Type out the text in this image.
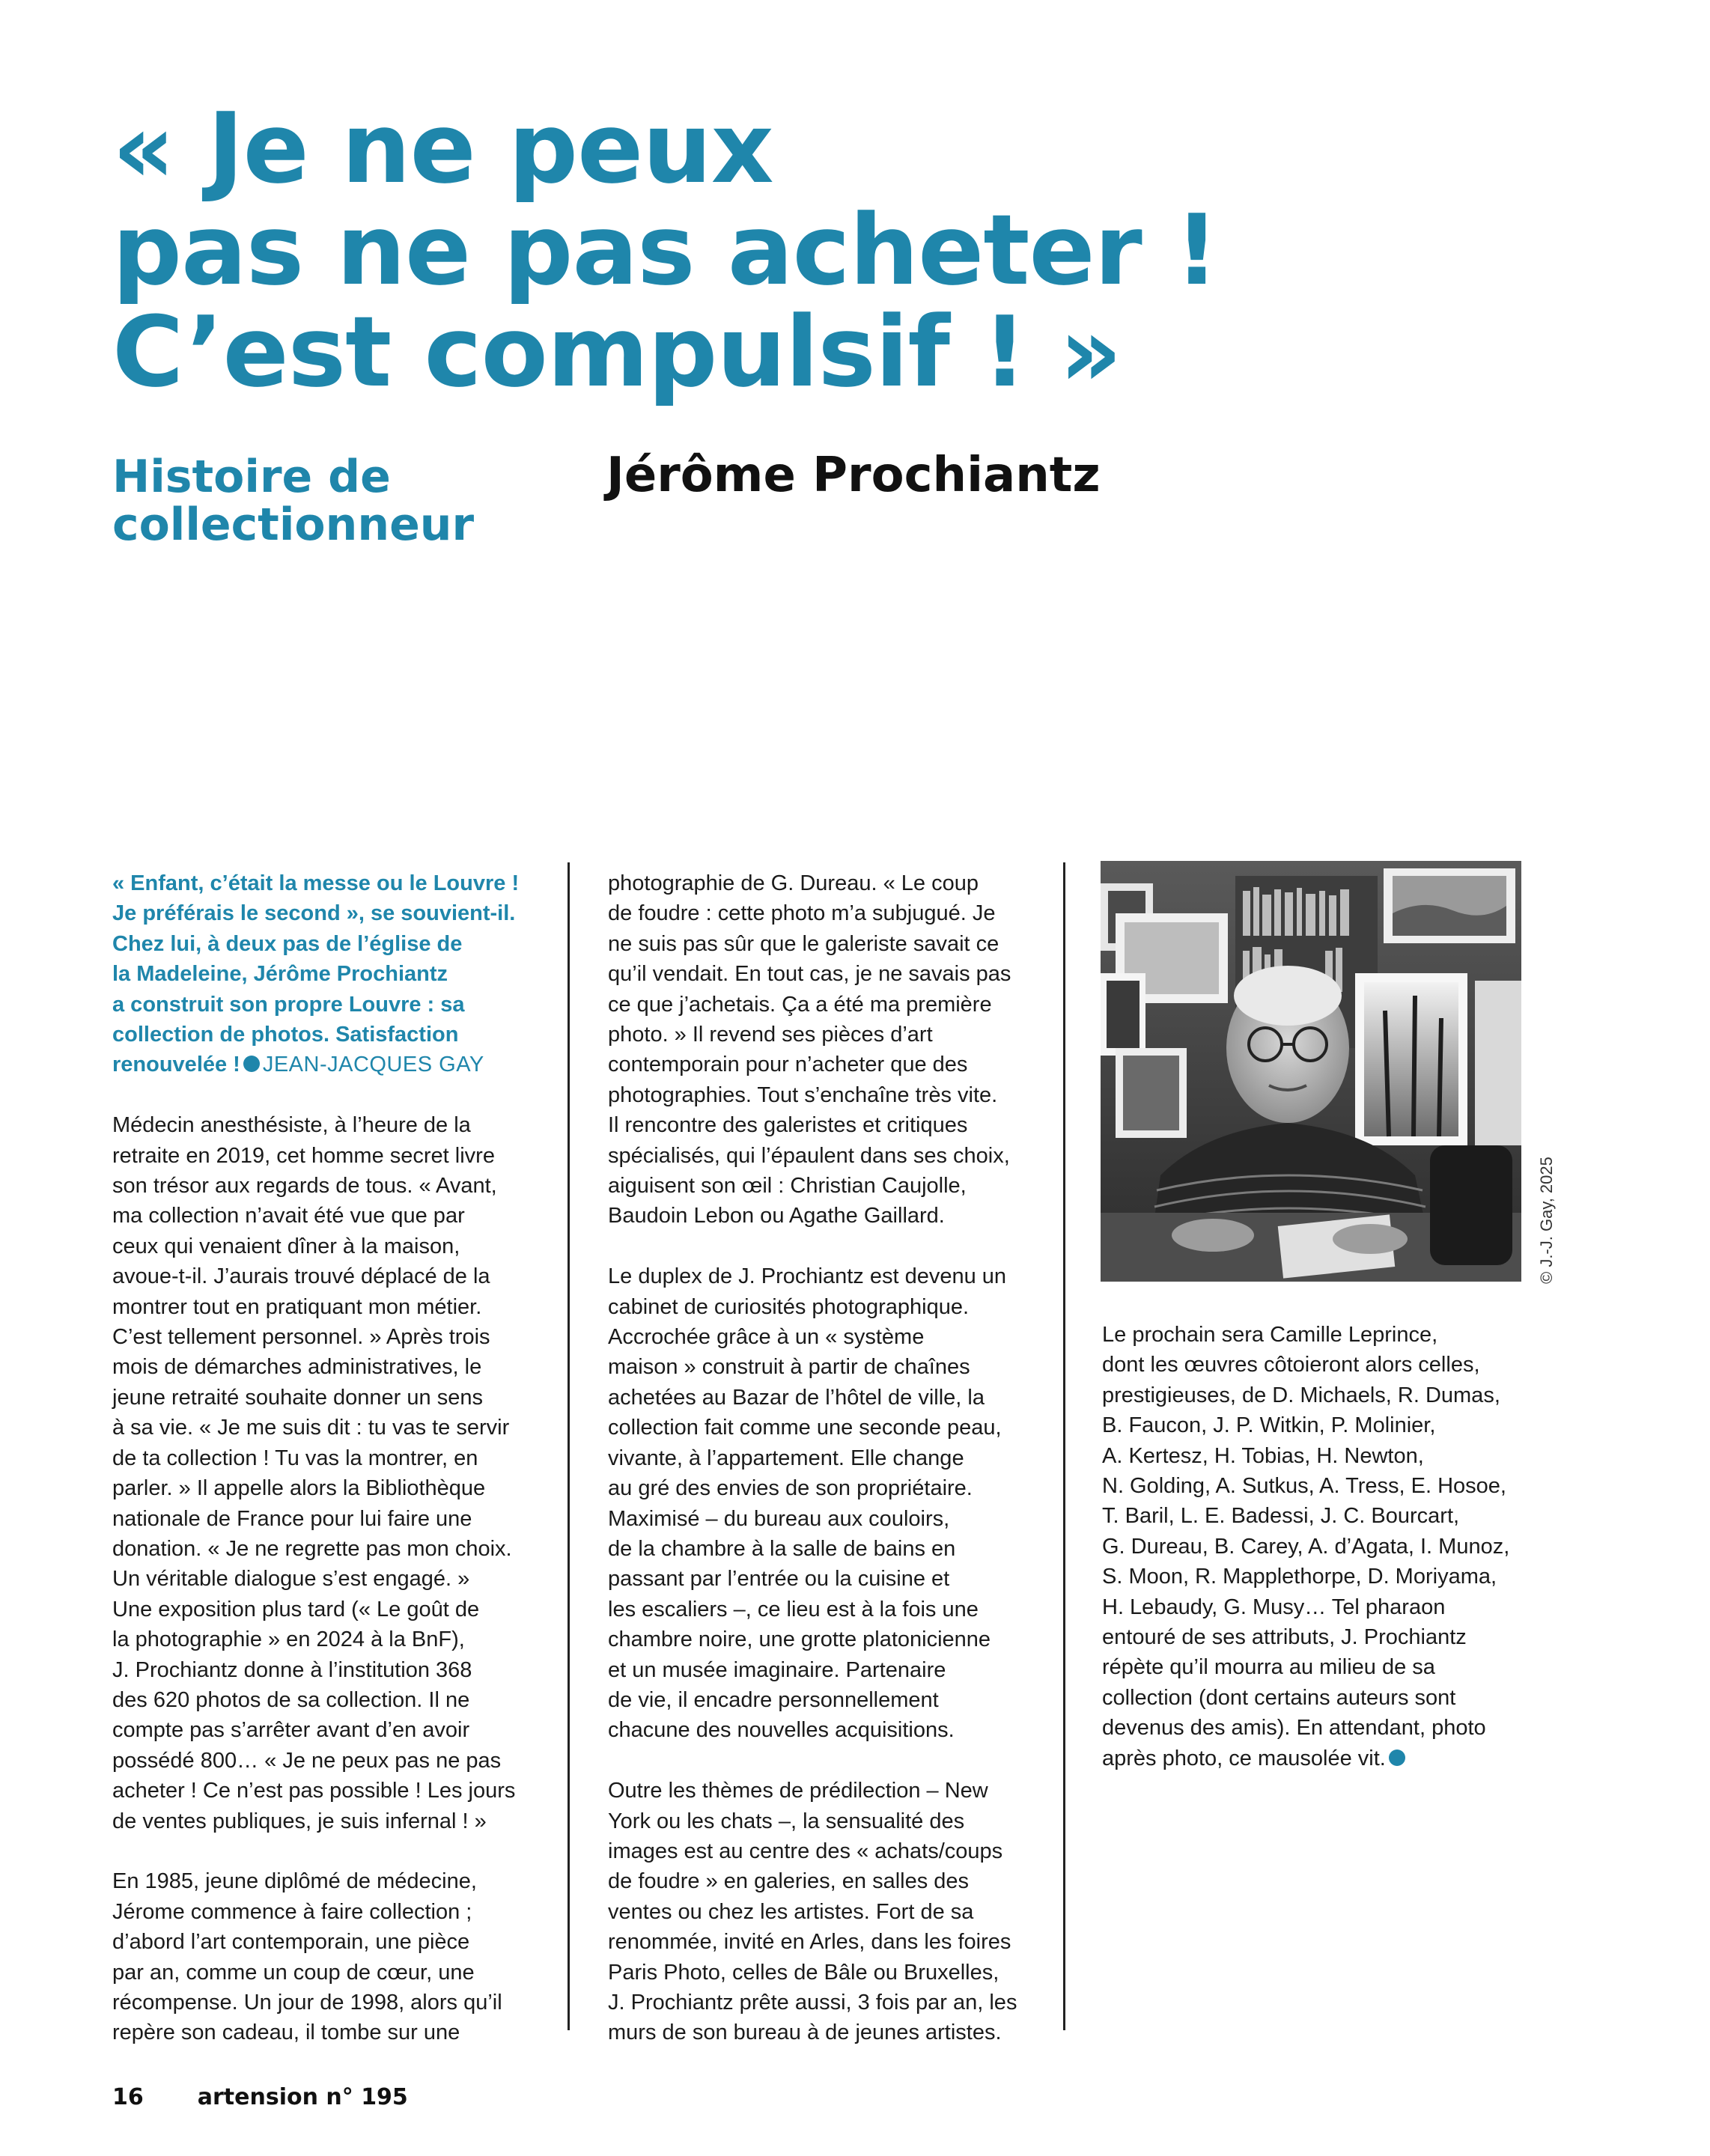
« Je ne peux
pas ne pas acheter !
C’est compulsif ! »
Histoire de
collectionneur
Jérôme Prochiantz

« Enfant, c’était la messe ou le Louvre !
Je préférais le second », se souvient-il.
Chez lui, à deux pas de l’église de
la Madeleine, Jérôme Prochiantz
a construit son propre Louvre : sa
collection de photos. Satisfaction
renouvelée ! JEAN-JACQUES GAY

Médecin anesthésiste, à l’heure de la
retraite en 2019, cet homme secret livre
son trésor aux regards de tous. « Avant,
ma collection n’avait été vue que par
ceux qui venaient dîner à la maison,
avoue-t-il. J’aurais trouvé déplacé de la
montrer tout en pratiquant mon métier.
C’est tellement personnel. » Après trois
mois de démarches administratives, le
jeune retraité souhaite donner un sens
à sa vie. « Je me suis dit : tu vas te servir
de ta collection ! Tu vas la montrer, en
parler. » Il appelle alors la Bibliothèque
nationale de France pour lui faire une
donation. « Je ne regrette pas mon choix.
Un véritable dialogue s’est engagé. »
Une exposition plus tard (« Le goût de
la photographie » en 2024 à la BnF),
J. Prochiantz donne à l’institution 368
des 620 photos de sa collection. Il ne
compte pas s’arrêter avant d’en avoir
possédé 800… « Je ne peux pas ne pas
acheter ! Ce n’est pas possible ! Les jours
de ventes publiques, je suis infernal ! »

En 1985, jeune diplômé de médecine,
Jérome commence à faire collection ;
d’abord l’art contemporain, une pièce
par an, comme un coup de cœur, une
récompense. Un jour de 1998, alors qu’il
repère son cadeau, il tombe sur une

photographie de G. Dureau. « Le coup
de foudre : cette photo m’a subjugué. Je
ne suis pas sûr que le galeriste savait ce
qu’il vendait. En tout cas, je ne savais pas
ce que j’achetais. Ça a été ma première
photo. » Il revend ses pièces d’art
contemporain pour n’acheter que des
photographies. Tout s’enchaîne très vite.
Il rencontre des galeristes et critiques
spécialisés, qui l’épaulent dans ses choix,
aiguisent son œil : Christian Caujolle,
Baudoin Lebon ou Agathe Gaillard.

Le duplex de J. Prochiantz est devenu un
cabinet de curiosités photographique.
Accrochée grâce à un « système
maison » construit à partir de chaînes
achetées au Bazar de l’hôtel de ville, la
collection fait comme une seconde peau,
vivante, à l’appartement. Elle change
au gré des envies de son propriétaire.
Maximisé – du bureau aux couloirs,
de la chambre à la salle de bains en
passant par l’entrée ou la cuisine et
les escaliers –, ce lieu est à la fois une
chambre noire, une grotte platonicienne
et un musée imaginaire. Partenaire
de vie, il encadre personnellement
chacune des nouvelles acquisitions.

Outre les thèmes de prédilection – New
York ou les chats –, la sensualité des
images est au centre des « achats/coups
de foudre » en galeries, en salles des
ventes ou chez les artistes. Fort de sa
renommée, invité en Arles, dans les foires
Paris Photo, celles de Bâle ou Bruxelles,
J. Prochiantz prête aussi, 3 fois par an, les
murs de son bureau à de jeunes artistes.

© J.-J. Gay, 2025

Le prochain sera Camille Leprince,
dont les œuvres côtoieront alors celles,
prestigieuses, de D. Michaels, R. Dumas,
B. Faucon, J. P. Witkin, P. Molinier,
A. Kertesz, H. Tobias, H. Newton,
N. Golding, A. Sutkus, A. Tress, E. Hosoe,
T. Baril, L. E. Badessi, J. C. Bourcart,
G. Dureau, B. Carey, A. d’Agata, I. Munoz,
S. Moon, R. Mapplethorpe, D. Moriyama,
H. Lebaudy, G. Musy… Tel pharaon
entouré de ses attributs, J. Prochiantz
répète qu’il mourra au milieu de sa
collection (dont certains auteurs sont
devenus des amis). En attendant, photo
après photo, ce mausolée vit.

16 artension n° 195
